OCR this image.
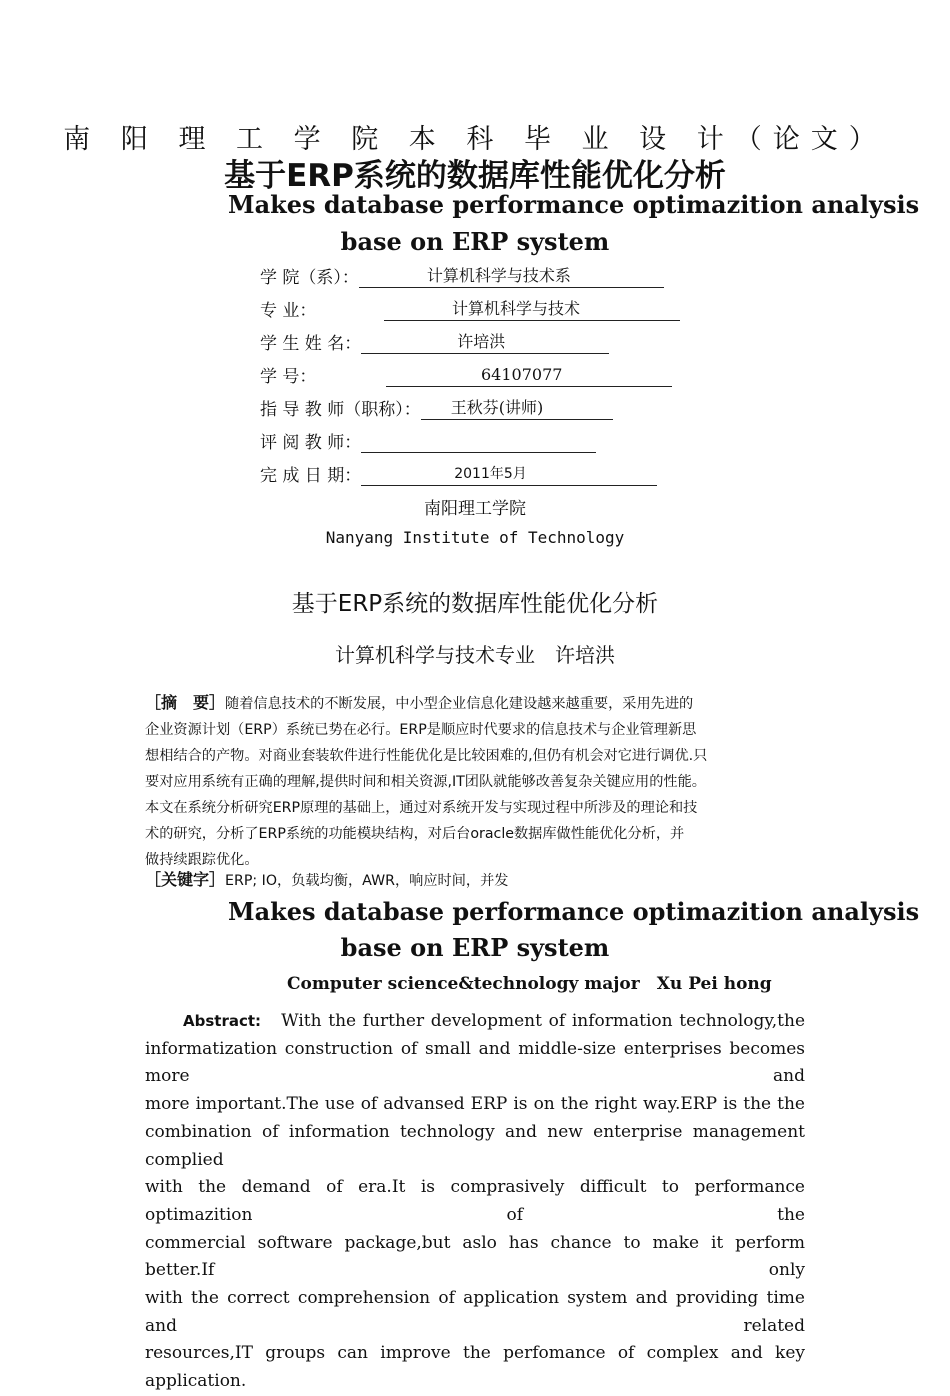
南 阳 理 工 学 院 本 科 毕 业 设 计（论文）
基于ERP系统的数据库性能优化分析
Makes database performance optimazition analysis
base on ERP system
学 院（系）：	计算机科学与技术系
专 业：	计算机科学与技术
学 生 姓 名：	许培洪
学 号：	64107077
指 导 教 师（职称）： 王秋芬(讲师)
评 阅 教 师：
完 成 日 期：	2011年5月
南阳理工学院
Nanyang Institute of Technology
基于ERP系统的数据库性能优化分析
计算机科学与技术专业　许培洪
［摘　要］随着信息技术的不断发展，中小型企业信息化建设越来越重要，采用先进的
企业资源计划（ERP）系统已势在必行。ERP是顺应时代要求的信息技术与企业管理新思
想相结合的产物。对商业套装软件进行性能优化是比较困难的,但仍有机会对它进行调优.只
要对应用系统有正确的理解,提供时间和相关资源,IT团队就能够改善复杂关键应用的性能。
本文在系统分析研究ERP原理的基础上，通过对系统开发与实现过程中所涉及的理论和技
术的研究，分析了ERP系统的功能模块结构，对后台oracle数据库做性能优化分析，并
做持续跟踪优化。
［关键字］ERP; IO，负载均衡，AWR，响应时间，并发
Makes database performance optimazition analysis
base on ERP system
Computer science&technology major　Xu Pei hong
Abstract: With the further development of information technology,the
informatization construction of small and middle-size enterprises becomes more and
more important.The use of advansed ERP is on the right way.ERP is the the
combination of information technology and new enterprise management complied
with the demand of era.It is comprasively difficult to performance optimazition of the
commercial software package,but aslo has chance to make it perform better.If only
with the correct comprehension of application system and providing time and related
resources,IT groups can improve the perfomance of complex and key application.
